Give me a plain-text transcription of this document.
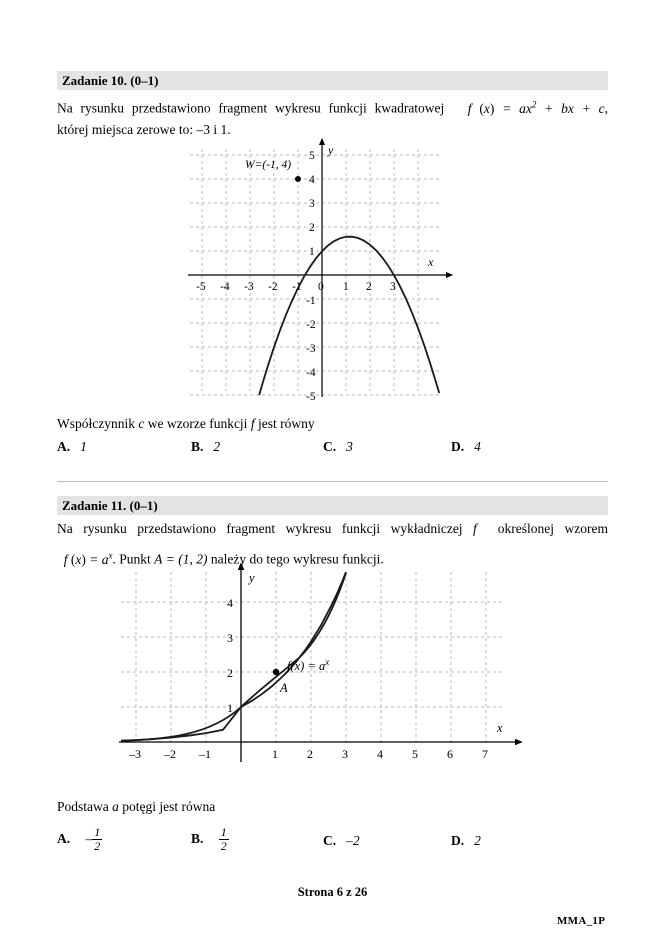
Zadanie 10. (0–1)
Na rysunku przedstawiono fragment wykresu funkcji kwadratowej f $(x) = ax^2$ + bx + c,
której miejsca zerowe to: –3 i 1.
W=(-1, 4)
5
4
3
2
1
-1
-2
-3
-4
-5
-5 -4 -3 -2 -1 0 1 2 3
x
y
Współczynnik c we wzorze funkcji f jest równy
A. 1	B. 2	C. 3	D. 4
Zadanie 11. (0–1)
Na rysunku przedstawiono fragment wykresu funkcji wykładniczej f  określonej wzorem
f $(x) = a^x$. Punkt A = (1, 2) należy do tego wykresu funkcji.
$f(x) = a^x$
A
–3 –2 –1	1 2 3 4 5 6 7
1
2
3
4
x
y
Podstawa a potęgi jest równa
A. – $\frac{1}{2}$	B. $\frac{1}{2}$	C. –2	D. 2
Strona 6 z 26
MMA_1P
